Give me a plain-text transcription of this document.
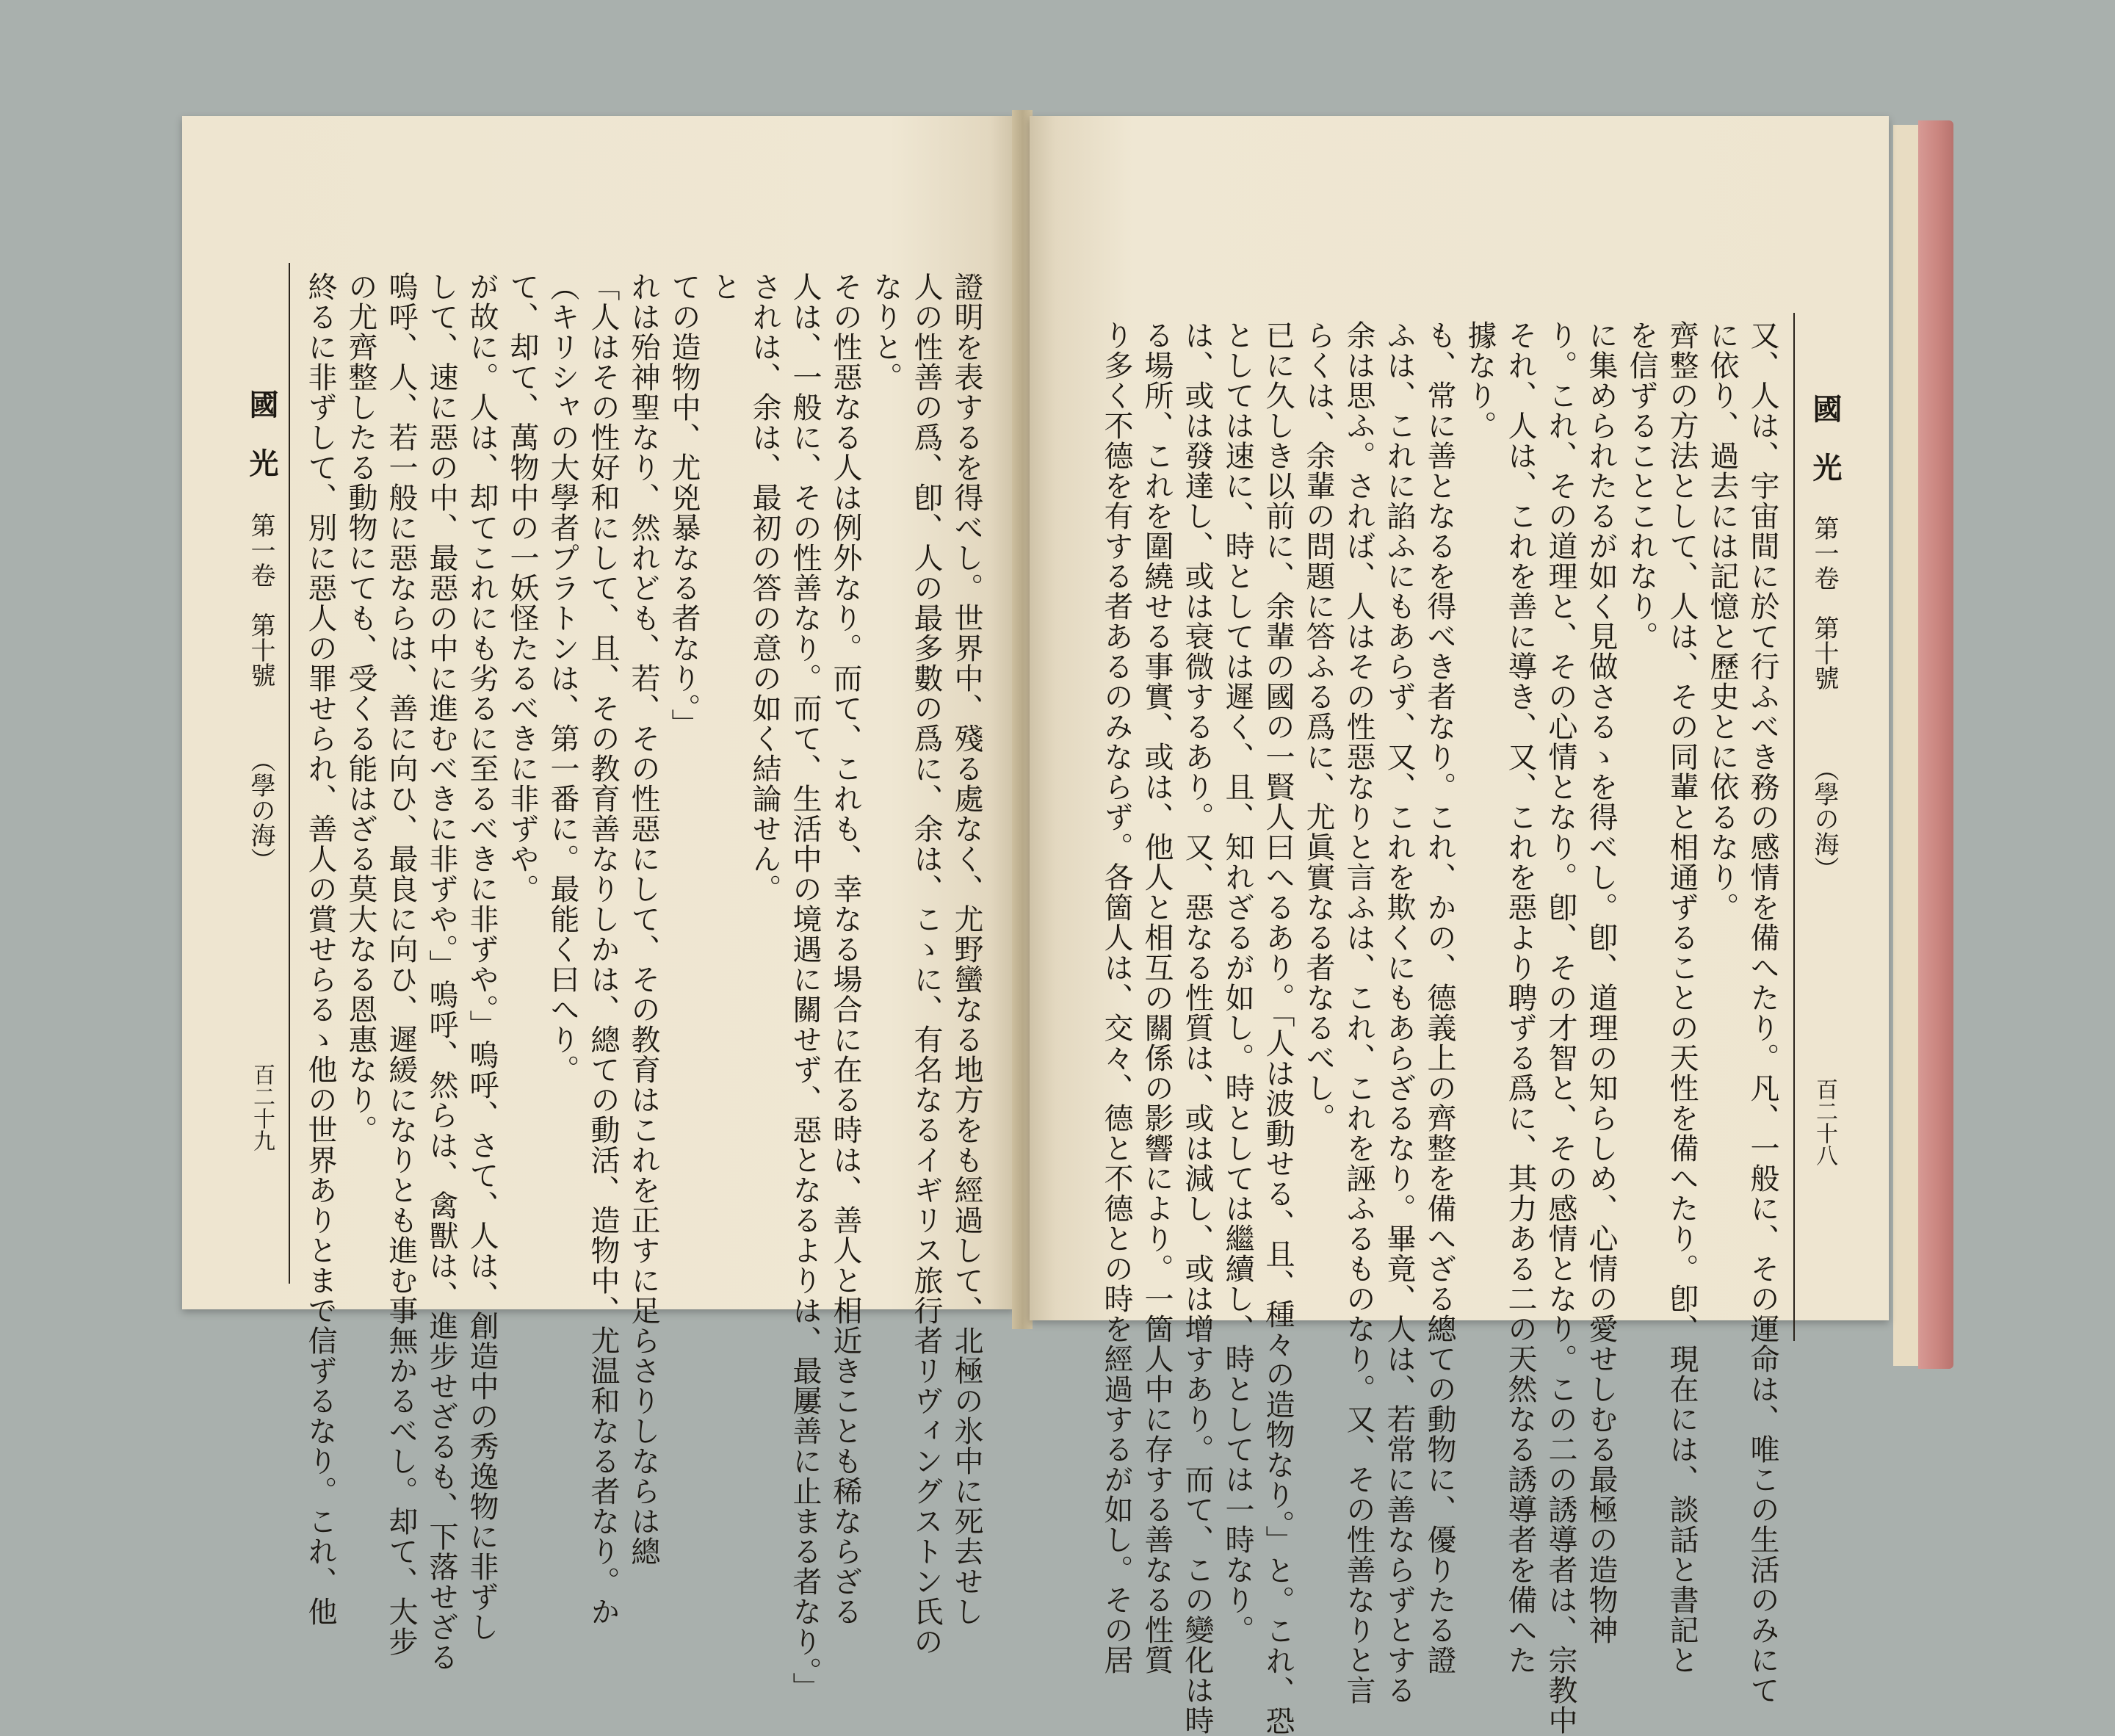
國　光
第一卷　第十號
（學の海）
百二十九	證明を表するを得べし。世界中、殘る處なく、尤野蠻なる地方をも經過して、北極の氷中に死去せし

人の性善の爲、卽、人の最多數の爲に、余は、こゝに、有名なるイギリス旅行者リヴィングストン氏の

なりと。

その性惡なる人は例外なり。而て、これも、幸なる場合に在る時は、善人と相近きことも稀ならざる

人は、一般に、その性善なり。而て、生活中の境遇に關せず、惡となるよりは、最屢善に止まる者なり。」

されは、余は、最初の答の意の如く結論せん。

と

ての造物中、尤兇暴なる者なり。」

れは殆神聖なり、然れども、若、その性惡にして、その教育はこれを正すに足らさりしならは總

「人はその性好和にして、且、その教育善なりしかは、總ての動活、造物中、尤温和なる者なり。か

（キリシャの大學者プラトンは、第一番に。最能く曰へり。

て、却て、萬物中の一妖怪たるべきに非ずや。

が故に。人は、却てこれにも劣るに至るべきに非ずや。」嗚呼、さて、人は、創造中の秀逸物に非ずし

して、速に惡の中、最惡の中に進むべきに非ずや。」嗚呼、然らは、禽獸は、進步せざるも、下落せざる

嗚呼、人、若一般に惡ならは、善に向ひ、最良に向ひ、遲緩になりとも進む事無かるべし。却て、大步

の尤齊整したる動物にても、受くる能はざる莫大なる恩惠なり。

終るに非ずして、別に惡人の罪せられ、善人の賞せらるゝ他の世界ありとまで信ずるなり。これ、他	又、人は、宇宙間に於て行ふべき務の感情を備へたり。凡、一般に、その運命は、唯この生活のみにて

に依り、過去には記憶と歷史とに依るなり。

齊整の方法として、人は、その同輩と相通ずることの天性を備へたり。卽、現在には、談話と書記と

を信ずることこれなり。

に集められたるが如く見做さるゝを得べし。卽、道理の知らしめ、心情の愛せしむる最極の造物神

り。これ、その道理と、その心情となり。卽、その才智と、その感情となり。この二の誘導者は、宗教中

それ、人は、これを善に導き、又、これを惡より聘ずる爲に、其力ある二の天然なる誘導者を備へた

據なり。

も、常に善となるを得べき者なり。これ、かの、德義上の齊整を備へざる總ての動物に、優りたる證

ふは、これに諂ふにもあらず、又、これを欺くにもあらざるなり。畢竟、人は、若常に善ならずとする

余は思ふ。されば、人はその性惡なりと言ふは、これ、これを誣ふるものなり。又、その性善なりと言

らくは、余輩の問題に答ふる爲に、尤眞實なる者なるべし。

已に久しき以前に、余輩の國の一賢人曰へるあり。「人は波動せる、且、種々の造物なり。」と。これ、恐

としては速に、時としては遲く、且、知れざるが如し。時としては繼續し、時としては一時なり。

は、或は發達し、或は衰微するあり。又、惡なる性質は、或は減し、或は增すあり。而て、この變化は時

る場所、これを圍繞せる事實、或は、他人と相互の關係の影響により。一箇人中に存する善なる性質

り多く不德を有する者あるのみならず。各箇人は、交々、德と不德との時を經過するが如し。その居	國　光
第一卷　第十號
（學の海）
百二十八
